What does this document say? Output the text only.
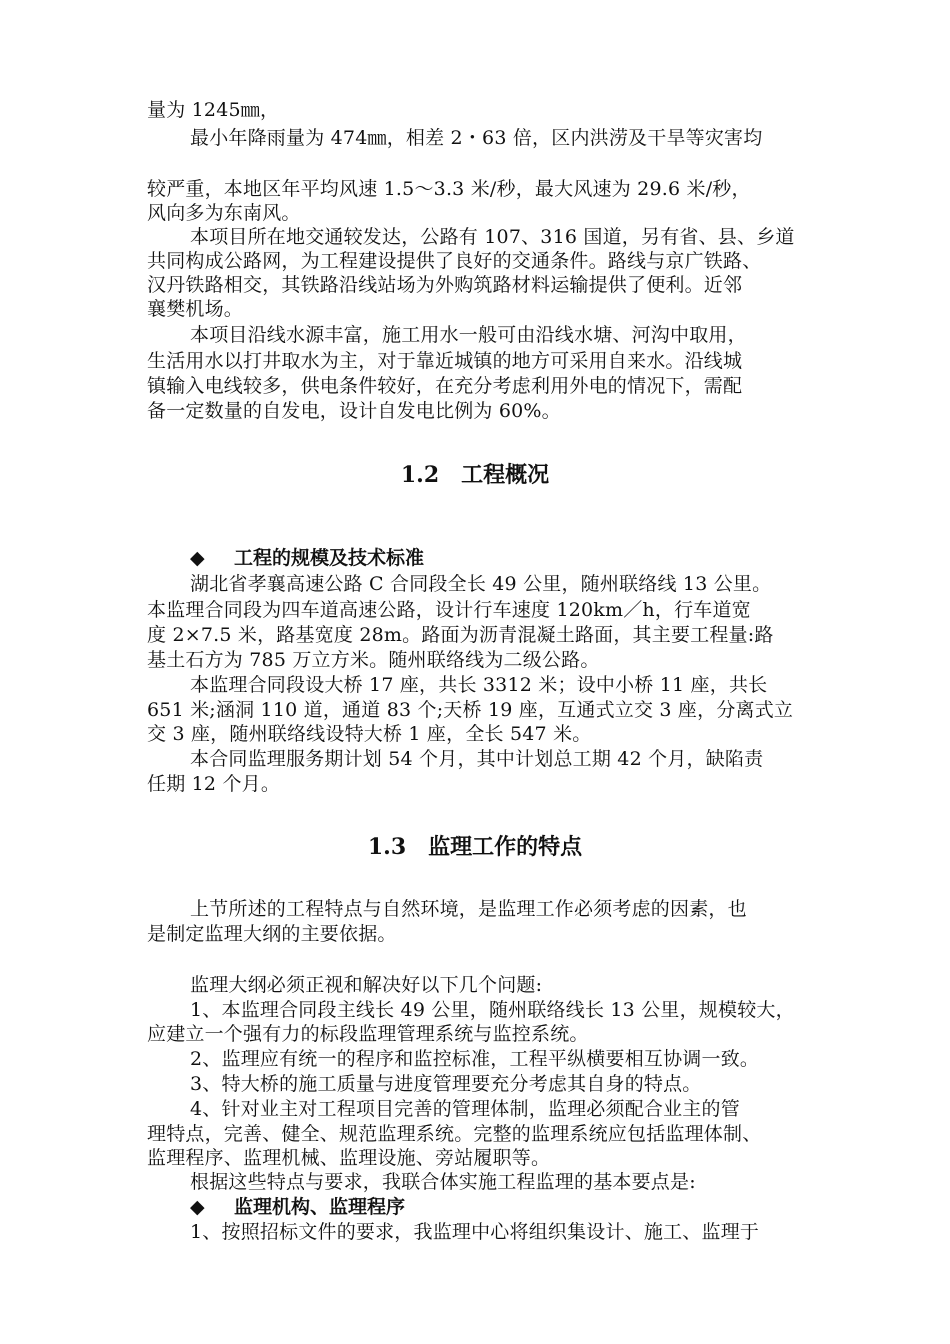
量为 1245㎜，
最小年降雨量为 474㎜，相差 2・63 倍，区内洪涝及干旱等灾害均
较严重，本地区年平均风速 1.5～3.3 米/秒，最大风速为 29.6 米/秒，
风向多为东南风。
本项目所在地交通较发达，公路有 107、316 国道，另有省、县、乡道
共同构成公路网，为工程建设提供了良好的交通条件。路线与京广铁路、
汉丹铁路相交，其铁路沿线站场为外购筑路材料运输提供了便利。近邻
襄樊机场。
本项目沿线水源丰富，施工用水一般可由沿线水塘、河沟中取用，
生活用水以打井取水为主，对于靠近城镇的地方可采用自来水。沿线城
镇输入电线较多，供电条件较好，在充分考虑利用外电的情况下，需配
备一定数量的自发电，设计自发电比例为 60%。
1.2　工程概况
◆ 工程的规模及技术标准
湖北省孝襄高速公路 C 合同段全长 49 公里，随州联络线 13 公里。
本监理合同段为四车道高速公路，设计行车速度 120km／h，行车道宽
度 2×7.5 米，路基宽度 28m。路面为沥青混凝土路面，其主要工程量:路
基土石方为 785 万立方米。随州联络线为二级公路。
本监理合同段设大桥 17 座，共长 3312 米；设中小桥 11 座，共长
651 米;涵洞 110 道，通道 83 个;天桥 19 座，互通式立交 3 座，分离式立
交 3 座，随州联络线设特大桥 1 座，全长 547 米。
本合同监理服务期计划 54 个月，其中计划总工期 42 个月，缺陷责
任期 12 个月。
1.3　监理工作的特点
上节所述的工程特点与自然环境，是监理工作必须考虑的因素，也
是制定监理大纲的主要依据。
监理大纲必须正视和解决好以下几个问题:
1、本监理合同段主线长 49 公里，随州联络线长 13 公里，规模较大，
应建立一个强有力的标段监理管理系统与监控系统。
2、监理应有统一的程序和监控标准，工程平纵横要相互协调一致。
3、特大桥的施工质量与进度管理要充分考虑其自身的特点。
4、针对业主对工程项目完善的管理体制，监理必须配合业主的管
理特点，完善、健全、规范监理系统。完整的监理系统应包括监理体制、
监理程序、监理机械、监理设施、旁站履职等。
根据这些特点与要求，我联合体实施工程监理的基本要点是:
◆ 监理机构、监理程序
1、按照招标文件的要求，我监理中心将组织集设计、施工、监理于
